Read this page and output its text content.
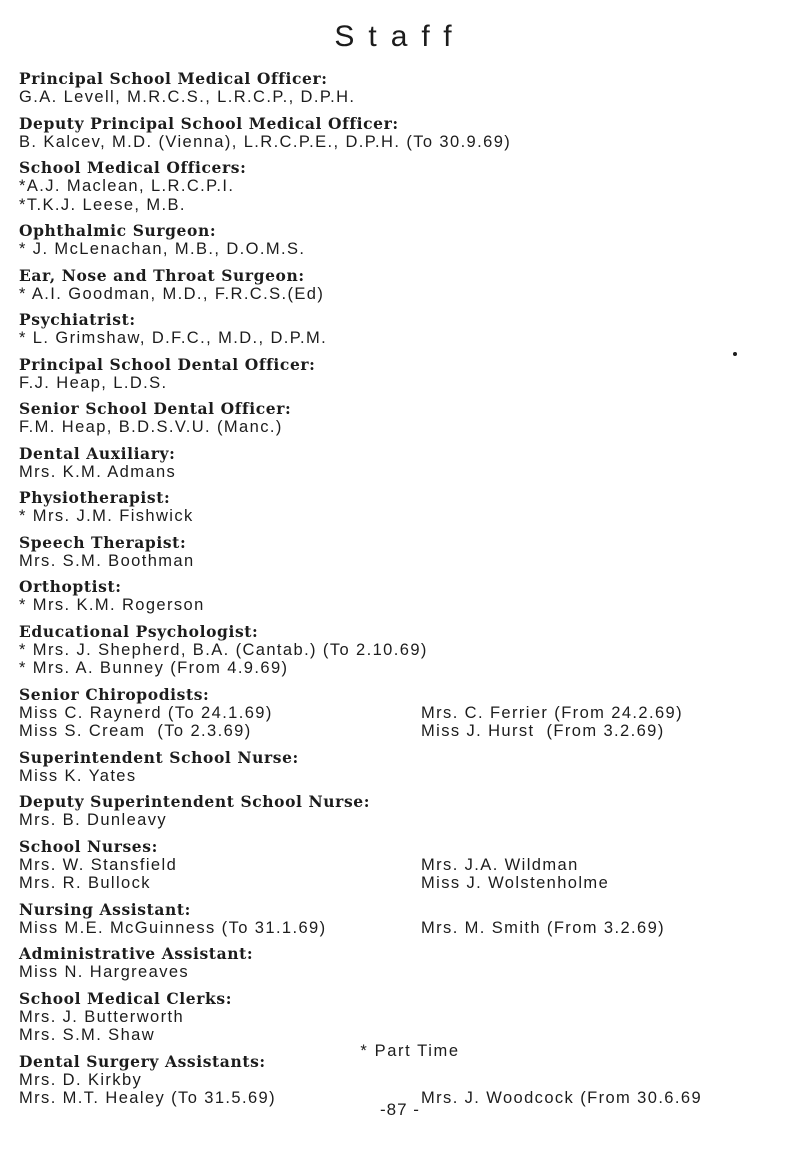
Staff
Principal School Medical Officer:
G.A. Levell, M.R.C.S., L.R.C.P., D.P.H.
Deputy Principal School Medical Officer:
B. Kalcev, M.D. (Vienna), L.R.C.P.E., D.P.H. (To 30.9.69)
School Medical Officers:
*A.J. Maclean, L.R.C.P.I.
*T.K.J. Leese, M.B.
Ophthalmic Surgeon:
* J. McLenachan, M.B., D.O.M.S.
Ear, Nose and Throat Surgeon:
* A.I. Goodman, M.D., F.R.C.S.(Ed)
Psychiatrist:
* L. Grimshaw, D.F.C., M.D., D.P.M.
Principal School Dental Officer:
F.J. Heap, L.D.S.
Senior School Dental Officer:
F.M. Heap, B.D.S.V.U. (Manc.)
Dental Auxiliary:
Mrs. K.M. Admans
Physiotherapist:
* Mrs. J.M. Fishwick
Speech Therapist:
Mrs. S.M. Boothman
Orthoptist:
* Mrs. K.M. Rogerson
Educational Psychologist:
* Mrs. J. Shepherd, B.A. (Cantab.) (To 2.10.69)
* Mrs. A. Bunney (From 4.9.69)
Senior Chiropodists:
Miss C. Raynerd (To 24.1.69)	Mrs. C. Ferrier (From 24.2.69)
Miss S. Cream  (To 2.3.69)	Miss J. Hurst  (From 3.2.69)
Superintendent School Nurse:
Miss K. Yates
Deputy Superintendent School Nurse:
Mrs. B. Dunleavy
School Nurses:
Mrs. W. Stansfield	Mrs. J.A. Wildman
Mrs. R. Bullock	Miss J. Wolstenholme
Nursing Assistant:
Miss M.E. McGuinness (To 31.1.69)	Mrs. M. Smith (From 3.2.69)
Administrative Assistant:
Miss N. Hargreaves
School Medical Clerks:
Mrs. J. Butterworth
Mrs. S.M. Shaw
Dental Surgery Assistants:
Mrs. D. Kirkby
Mrs. M.T. Healey (To 31.5.69)	Mrs. J. Woodcock (From 30.6.69
* Part Time
-87 -
